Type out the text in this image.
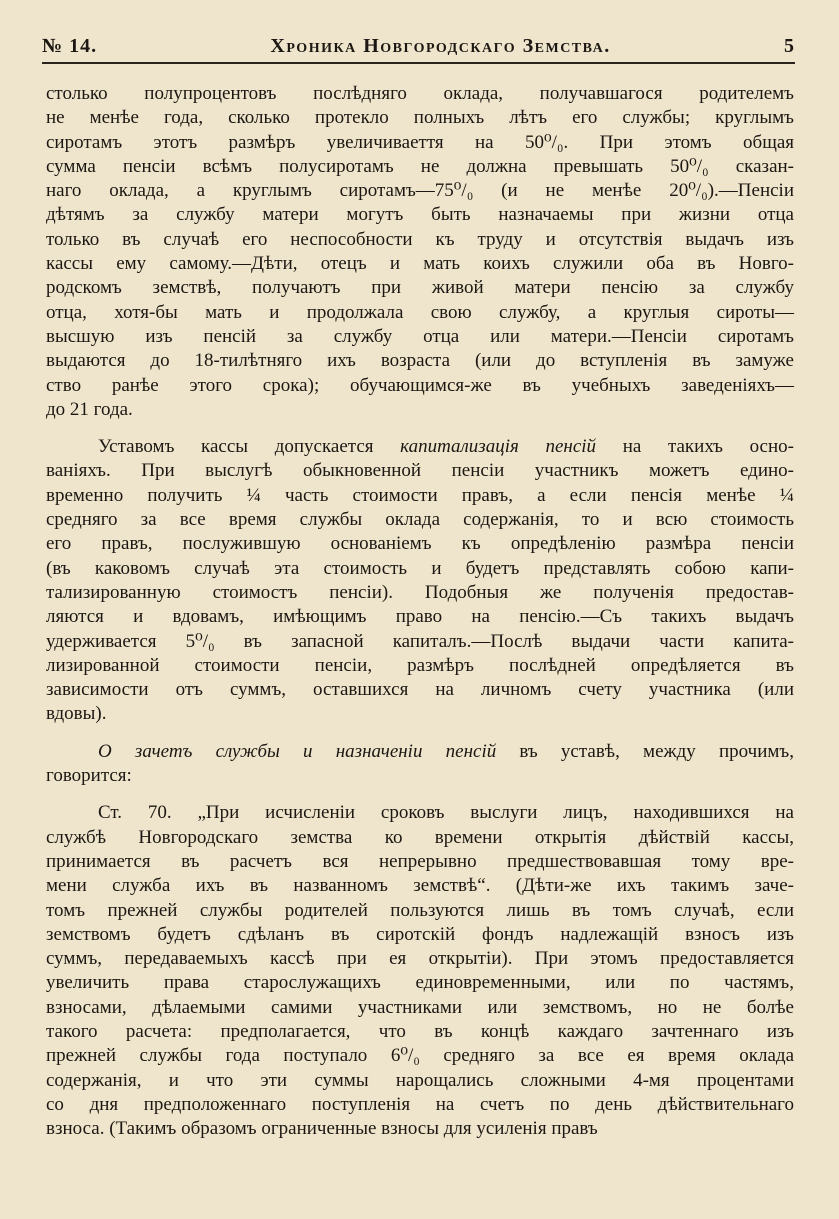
№ 14.	Хроника Новгородскаго Земства.	5
столько полупроцентовъ послѣдняго оклада, получавшагося родителемъ
не менѣе года, сколько протекло полныхъ лѣтъ его службы; круглымъ
сиротамъ этотъ размѣръ увеличиваеття на 50⁰/₀. При этомъ общая
сумма пенсіи всѣмъ полусиротамъ не должна превышать 50⁰/₀ сказан-
наго оклада, а круглымъ сиротамъ—75⁰/₀ (и не менѣе 20⁰/₀).—Пенсіи
дѣтямъ за службу матери могутъ быть назначаемы при жизни отца
только въ случаѣ его неспособности къ труду и отсутствія выдачъ изъ
кассы ему самому.—Дѣти, отецъ и мать коихъ служили оба въ Новго-
родскомъ земствѣ, получаютъ при живой матери пенсію за службу
отца, хотя-бы мать и продолжала свою службу, а круглыя сироты—
высшую изъ пенсій за службу отца или матери.—Пенсіи сиротамъ
выдаются до 18-тилѣтняго ихъ возраста (или до вступленія въ замуже
ство ранѣе этого срока); обучающимся-же въ учебныхъ заведеніяхъ—
до 21 года.
Уставомъ кассы допускается капитализація пенсій на такихъ осно-
ваніяхъ. При выслугѣ обыкновенной пенсіи участникъ можетъ едино-
временно получить ¼ часть стоимости правъ, а если пенсія менѣе ¼
средняго за все время службы оклада содержанія, то и всю стоимость
его правъ, послужившую основаніемъ къ опредѣленію размѣра пенсіи
(въ каковомъ случаѣ эта стоимость и будетъ представлять собою капи-
тализированную стоимостъ пенсіи). Подобныя же полученія предостав-
ляются и вдовамъ, имѣющимъ право на пенсію.—Съ такихъ выдачъ
удерживается 5⁰/₀ въ запасной капиталъ.—Послѣ выдачи части капита-
лизированной стоимости пенсіи, размѣръ послѣдней опредѣляется въ
зависимости отъ суммъ, оставшихся на личномъ счету участника (или
вдовы).
О зачетъ службы и назначеніи пенсій въ уставѣ, между прочимъ,
говорится:
Ст. 70. „При исчисленіи сроковъ выслуги лицъ, находившихся на
службѣ Новгородскаго земства ко времени открытія дѣйствій кассы,
принимается въ расчетъ вся непрерывно предшествовавшая тому вре-
мени служба ихъ въ названномъ земствѣ“. (Дѣти-же ихъ такимъ заче-
томъ прежней службы родителей пользуются лишь въ томъ случаѣ, если
земствомъ будетъ сдѣланъ въ сиротскій фондъ надлежащій взносъ изъ
суммъ, передаваемыхъ кассѣ при ея открытіи). При этомъ предоставляется
увеличить права старослужащихъ единовременными, или по частямъ,
взносами, дѣлаемыми самими участниками или земствомъ, но не болѣе
такого расчета: предполагается, что въ концѣ каждаго зачтеннаго изъ
прежней службы года поступало 6⁰/₀ средняго за все ея время оклада
содержанія, и что эти суммы нарощались сложными 4-мя процентами
со дня предположеннаго поступленія на счетъ по день дѣйствительнаго
взноса. (Такимъ образомъ ограниченные взносы для усиленія правъ
